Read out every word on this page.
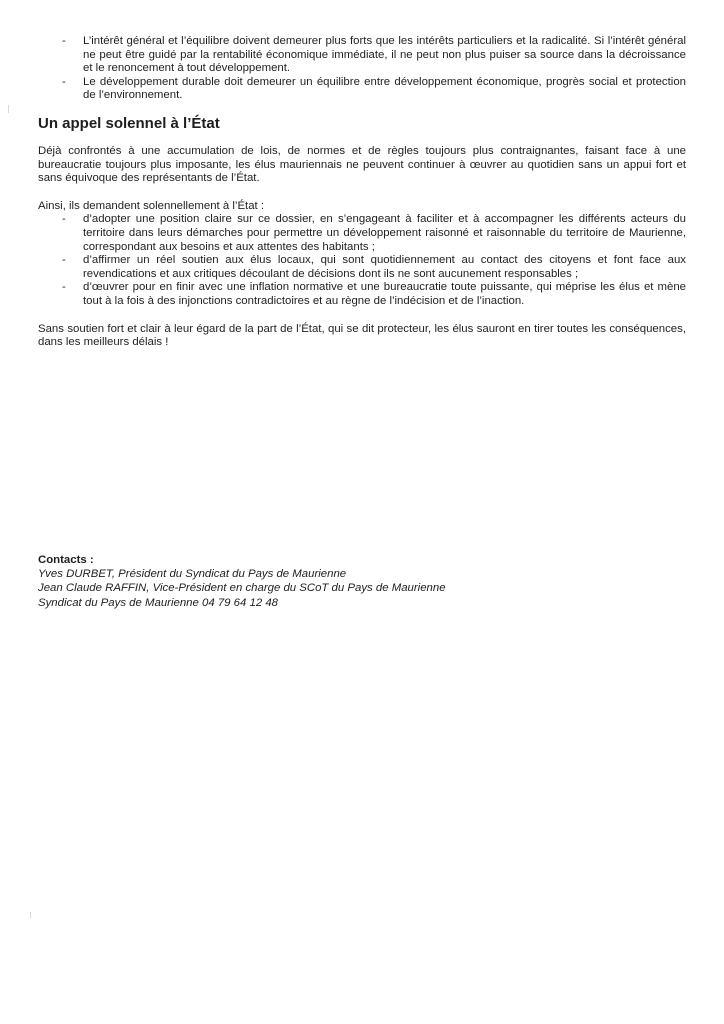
- L’intérêt général et l’équilibre doivent demeurer plus forts que les intérêts particuliers et la radicalité. Si l’intérêt général ne peut être guidé par la rentabilité économique immédiate, il ne peut non plus puiser sa source dans la décroissance et le renoncement à tout développement.
- Le développement durable doit demeurer un équilibre entre développement économique, progrès social et protection de l’environnement.
Un appel solennel à l’État

Déjà confrontés à une accumulation de lois, de normes et de règles toujours plus contraignantes, faisant face à une bureaucratie toujours plus imposante, les élus mauriennais ne peuvent continuer à œuvrer au quotidien sans un appui fort et sans équivoque des représentants de l’État.

Ainsi, ils demandent solennellement à l’État :

- d’adopter une position claire sur ce dossier, en s’engageant à faciliter et à accompagner les différents acteurs du territoire dans leurs démarches pour permettre un développement raisonné et raisonnable du territoire de Maurienne, correspondant aux besoins et aux attentes des habitants ;
- d’affirmer un réel soutien aux élus locaux, qui sont quotidiennement au contact des citoyens et font face aux revendications et aux critiques découlant de décisions dont ils ne sont aucunement responsables ;
- d’œuvrer pour en finir avec une inflation normative et une bureaucratie toute puissante, qui méprise les élus et mène tout à la fois à des injonctions contradictoires et au règne de l’indécision et de l’inaction.

Sans soutien fort et clair à leur égard de la part de l’État, qui se dit protecteur, les élus sauront en tirer toutes les conséquences, dans les meilleurs délais !

Contacts :
Yves DURBET, Président du Syndicat du Pays de Maurienne
Jean Claude RAFFIN, Vice-Président en charge du SCoT du Pays de Maurienne
Syndicat du Pays de Maurienne 04 79 64 12 48
